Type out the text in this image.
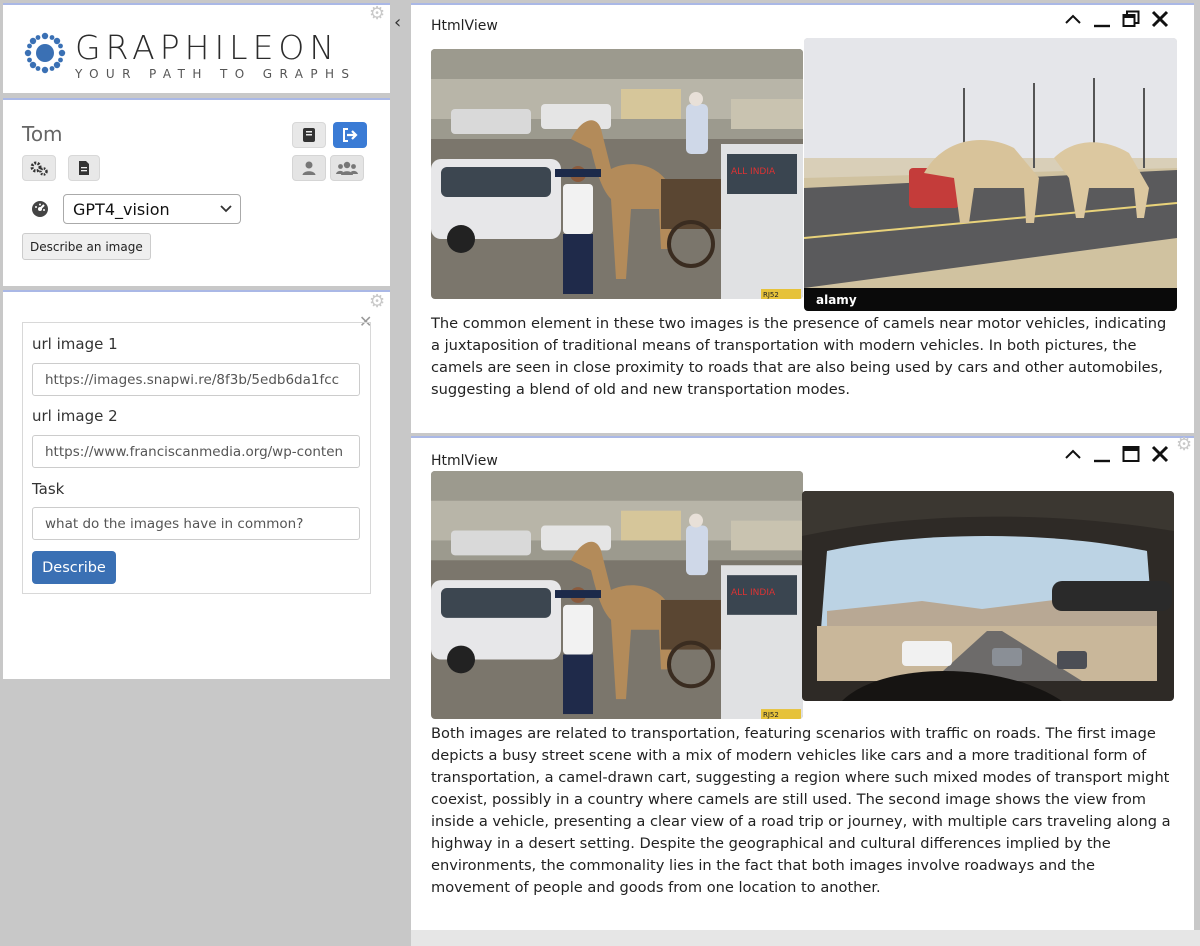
⚙
GRAPHILEON
YOUR PATH TO GRAPHS
‹
Tom
GPT4_vision
Describe an image
⚙
✕
url image 1
https://images.snapwi.re/8f3b/5edb6da1fcc
url image 2
https://www.franciscanmedia.org/wp-conten
Task
what do the images have in common?
Describe
HtmlView
ALL INDIA
RJ52	alamy
The common element in these two images is the presence of camels near motor vehicles, indicating a juxtaposition of traditional means of transportation with modern vehicles. In both pictures, the camels are seen in close proximity to roads that are also being used by cars and other automobiles, suggesting a blend of old and new transportation modes.
⚙
HtmlView
ALL INDIA
RJ52
Both images are related to transportation, featuring scenarios with traffic on roads. The first image depicts a busy street scene with a mix of modern vehicles like cars and a more traditional form of transportation, a camel-drawn cart, suggesting a region where such mixed modes of transport might coexist, possibly in a country where camels are still used. The second image shows the view from inside a vehicle, presenting a clear view of a road trip or journey, with multiple cars traveling along a highway in a desert setting. Despite the geographical and cultural differences implied by the environments, the commonality lies in the fact that both images involve roadways and the movement of people and goods from one location to another.
